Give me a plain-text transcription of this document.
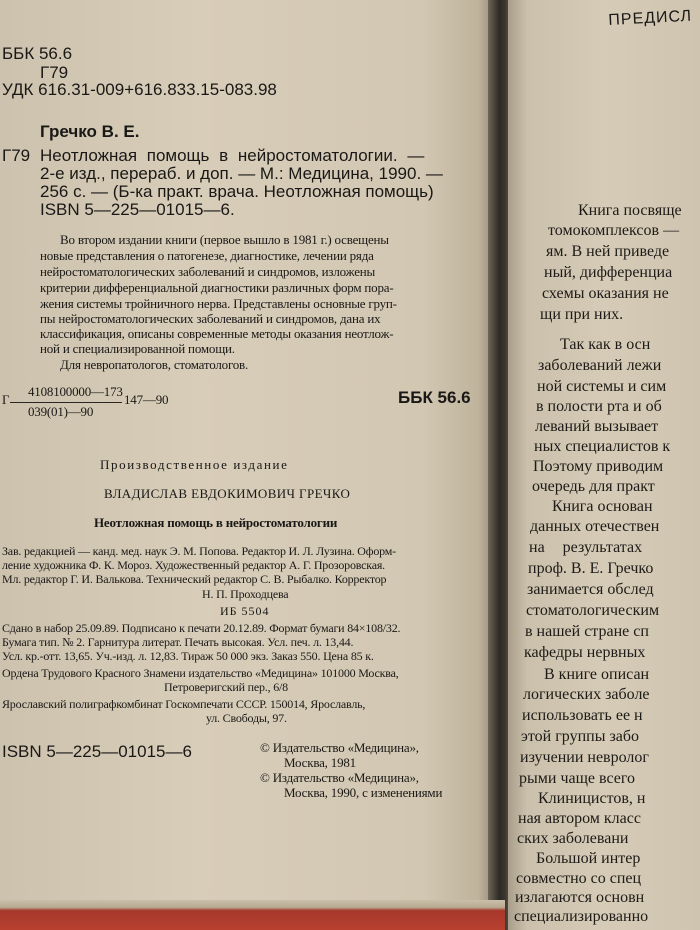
ББК 56.6
Г79
УДК 616.31-009+616.833.15-083.98
Гречко В. Е.
Г79 Неотложная помощь в нейростоматологии. —
2-е изд., перераб. и доп. — М.: Медицина, 1990. —
256 с. — (Б-ка практ. врача. Неотложная помощь)
ISBN 5—225—01015—6.
Во втором издании книги (первое вышло в 1981 г.) освещены
новые представления о патогенезе, диагностике, лечении ряда
нейростоматологических заболеваний и синдромов, изложены
критерии дифференциальной диагностики различных форм пора-
жения системы тройничного нерва. Представлены основные груп-
пы нейростоматологических заболеваний и синдромов, дана их
классификация, описаны современные методы оказания неотлож-
ной и специализированной помощи.
Для невропатологов, стоматологов.
Г
4108100000—173
039(01)—90
147—90	ББК 56.6
Производственное издание
ВЛАДИСЛАВ ЕВДОКИМОВИЧ ГРЕЧКО
Неотложная помощь в нейростоматологии
Зав. редакцией — канд. мед. наук Э. М. Попова. Редактор И. Л. Лузина. Оформ-
ление художника Ф. К. Мороз. Художественный редактор А. Г. Прозоровская.
Мл. редактор Г. И. Валькова. Технический редактор С. В. Рыбалко. Корректор
Н. П. Проходцева
ИБ 5504
Сдано в набор 25.09.89. Подписано к печати 20.12.89. Формат бумаги 84×108/32.
Бумага тип. № 2. Гарнитура литерат. Печать высокая. Усл. печ. л. 13,44.
Усл. кр.-отт. 13,65. Уч.-изд. л. 12,83. Тираж 50 000 экз. Заказ 550. Цена 85 к.
Ордена Трудового Красного Знамени издательство «Медицина» 101000 Москва,
Петроверигский пер., 6/8
Ярославский полиграфкомбинат Госкомпечати СССР. 150014, Ярославль,
ул. Свободы, 97.
ISBN 5—225—01015—6	© Издательство «Медицина»,
Москва, 1981
© Издательство «Медицина»,
Москва, 1990, с изменениями
ПРЕДИСЛ
Книга посвяще
томокомплексов —
ям. В ней приведе
ный, дифференциа
схемы оказания не
щи при них.
Так как в осн
заболеваний лежи
ной системы и сим
в полости рта и об
леваний вызывает
ных специалистов к
Поэтому приводим
очередь для практ
Книга основан
данных отечествен
на результатах
проф. В. Е. Гречко
занимается обслед
стоматологическим
в нашей стране сп
кафедры нервных
В книге описан
логических заболе
использовать ее н
этой группы забо
изучении невролог
рыми чаще всего
Клиницистов, н
ная автором класс
ских заболевани
Большой интер
совместно со спец
излагаются основн
специализированно
